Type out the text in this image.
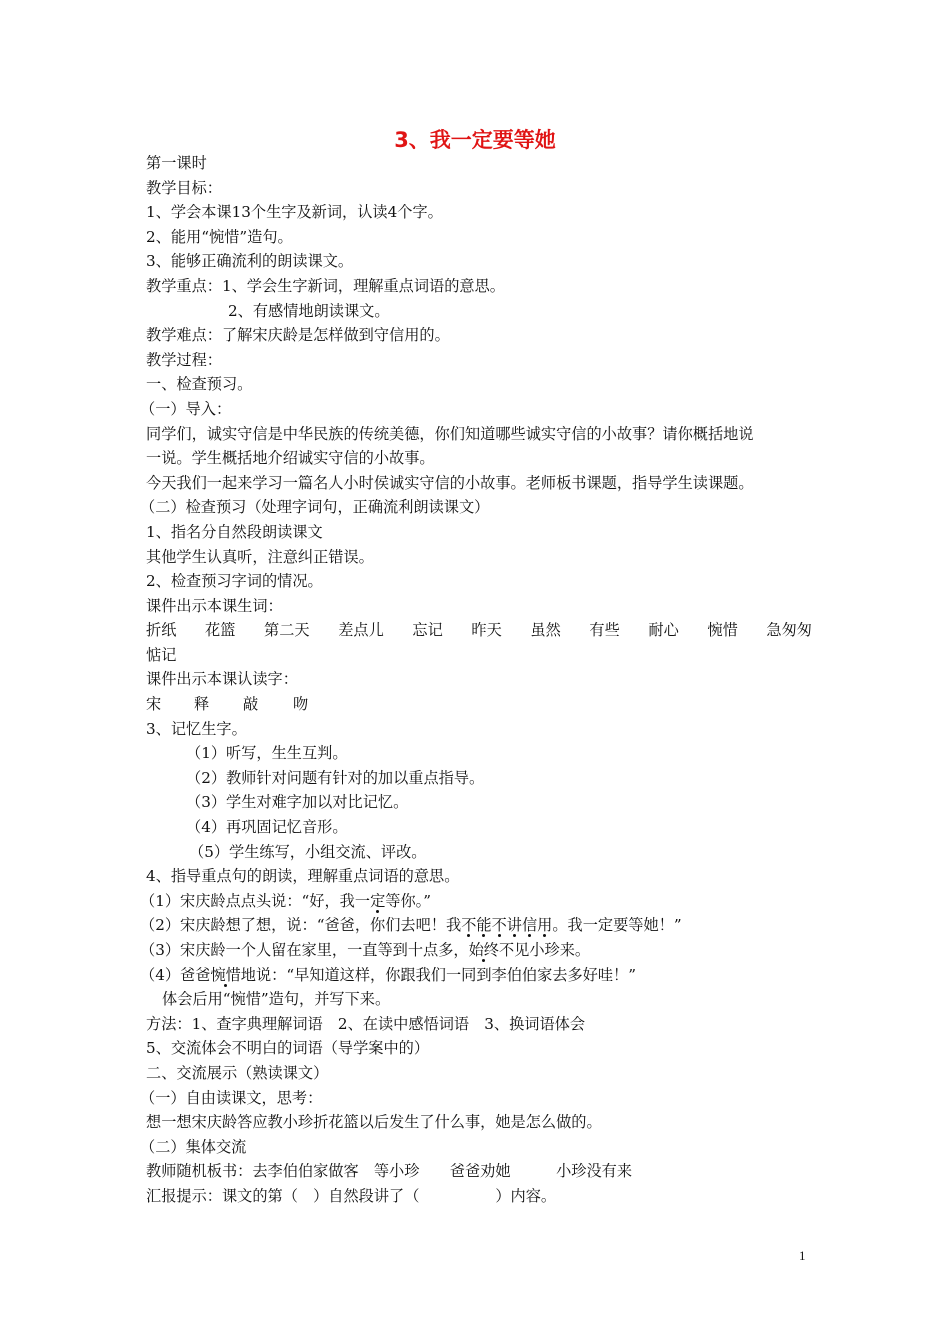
3、我一定要等她
第一课时
教学目标：
1、学会本课13个生字及新词，认读4个字。
2、能用“惋惜”造句。
3、能够正确流利的朗读课文。
教学重点：1、学会生字新词，理解重点词语的意思。
2、有感情地朗读课文。
教学难点：了解宋庆龄是怎样做到守信用的。
教学过程：
一、检查预习。
（一）导入：
同学们，诚实守信是中华民族的传统美德，你们知道哪些诚实守信的小故事？请你概括地说
一说。学生概括地介绍诚实守信的小故事。
今天我们一起来学习一篇名人小时侯诚实守信的小故事。老师板书课题，指导学生读课题。
（二）检查预习（处理字词句，正确流利朗读课文）
1、指名分自然段朗读课文
其他学生认真听，注意纠正错误。
2、检查预习字词的情况。
课件出示本课生词：
折纸 花篮 第二天 差点儿 忘记 昨天 虽然 有些 耐心 惋惜 急匆匆
惦记
课件出示本课认读字：
宋	释	敲	吻
3、记忆生字。
（1）听写，生生互判。
（2）教师针对问题有针对的加以重点指导。
（3）学生对难字加以对比记忆。
（4）再巩固记忆音形。
（5）学生练写，小组交流、评改。
4、指导重点句的朗读，理解重点词语的意思。
（1）宋庆龄点点头说：“好，我一定等你。”
（2）宋庆龄想了想，说：“爸爸，你们去吧！我不能不讲信用。我一定要等她！”
（3）宋庆龄一个人留在家里，一直等到十点多，始终不见小珍来。
（4）爸爸惋惜地说：“早知道这样，你跟我们一同到李伯伯家去多好哇！”
体会后用“惋惜”造句，并写下来。
方法：1、查字典理解词语　2、在读中感悟词语　3、换词语体会
5、交流体会不明白的词语（导学案中的）
二、交流展示（熟读课文）
（一）自由读课文，思考：
想一想宋庆龄答应教小珍折花篮以后发生了什么事，她是怎么做的。
（二）集体交流
教师随机板书：去李伯伯家做客　等小珍　　爸爸劝她　　　小珍没有来
汇报提示：课文的第（　）自然段讲了（　　　　　）内容。
1
